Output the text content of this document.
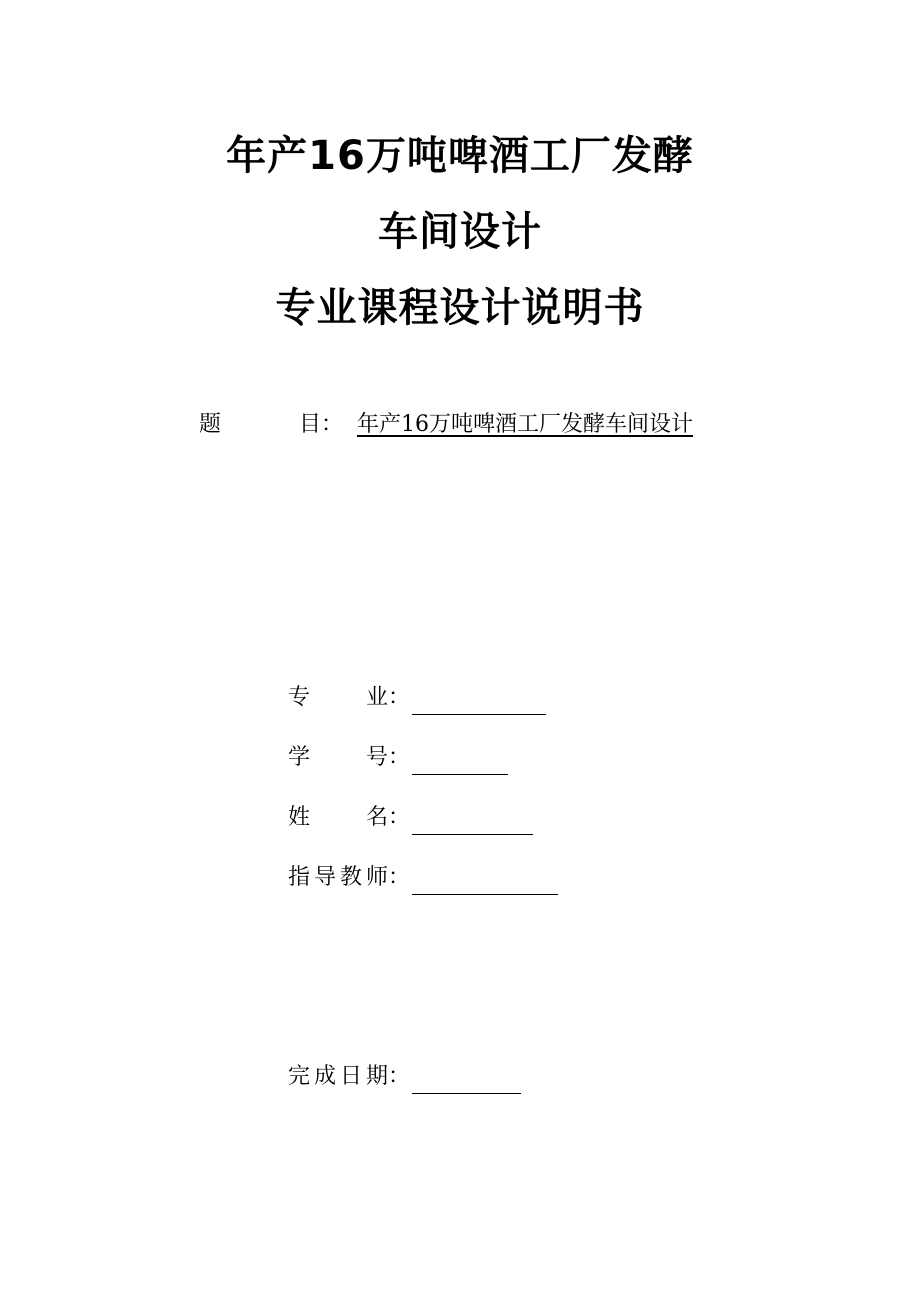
年产16万吨啤酒工厂发酵
车间设计
专业课程设计说明书
题 目： 年产16万吨啤酒工厂发酵车间设计
专 业 ：
学 号 ：
姓 名 ：
指导教师 ：
完成日期 ：
